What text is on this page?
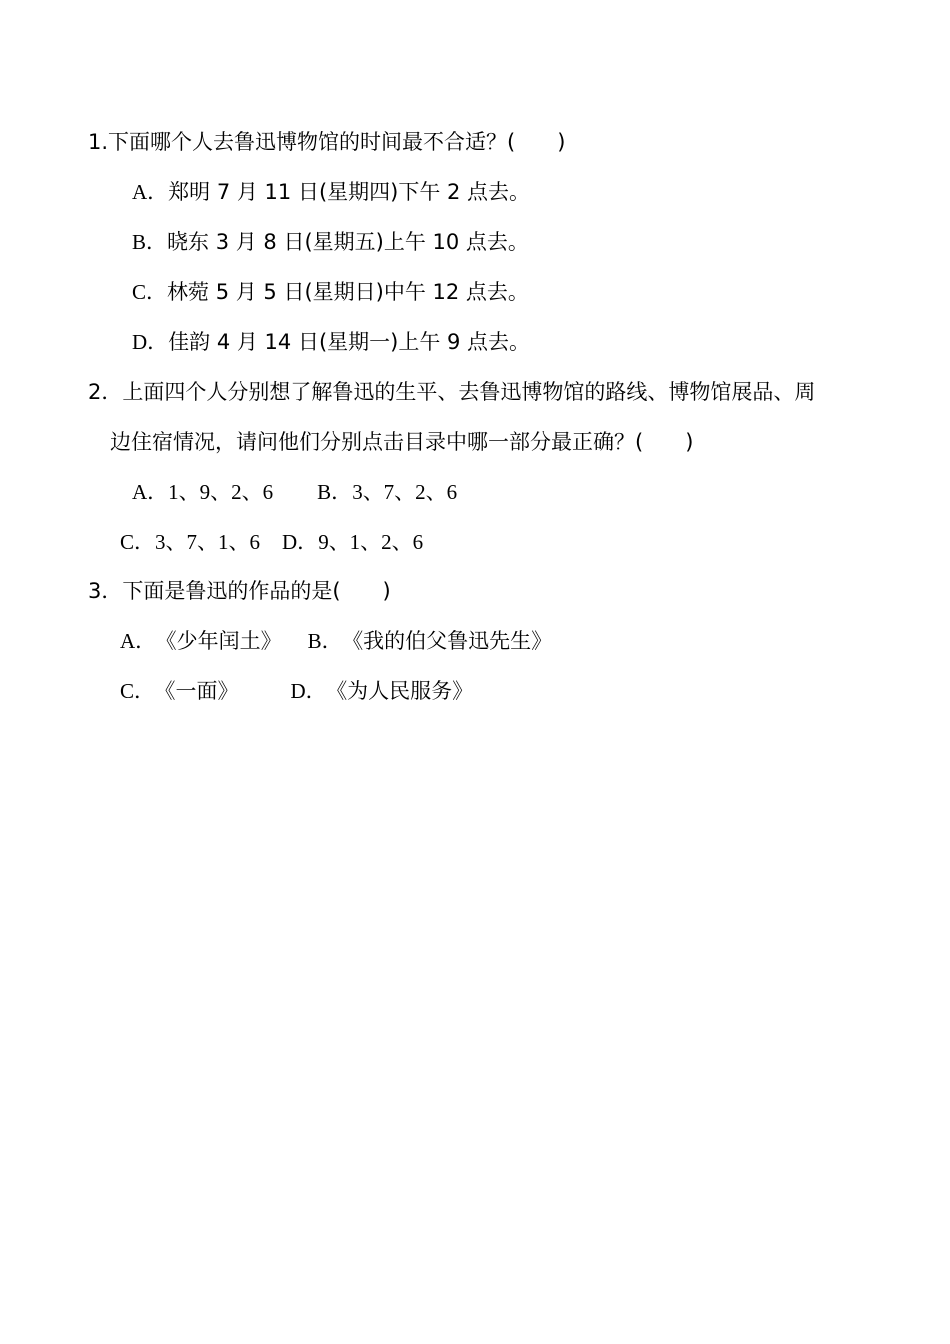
1.下面哪个人去鲁迅博物馆的时间最不合适？(　　)
A．郑明 7 月 11 日(星期四)下午 2 点去。
B．晓东 3 月 8 日(星期五)上午 10 点去。
C．林菀 5 月 5 日(星期日)中午 12 点去。
D．佳韵 4 月 14 日(星期一)上午 9 点去。
2．上面四个人分别想了解鲁迅的生平、去鲁迅博物馆的路线、博物馆展品、周
边住宿情况，请问他们分别点击目录中哪一部分最正确？(　　)
A．1、9、2、6 B．3、7、2、6
C．3、7、1、6 D．9、1、2、6
3．下面是鲁迅的作品的是(　　)
A． 《少年闰土》 B． 《我的伯父鲁迅先生》
C． 《一面》 D． 《为人民服务》
